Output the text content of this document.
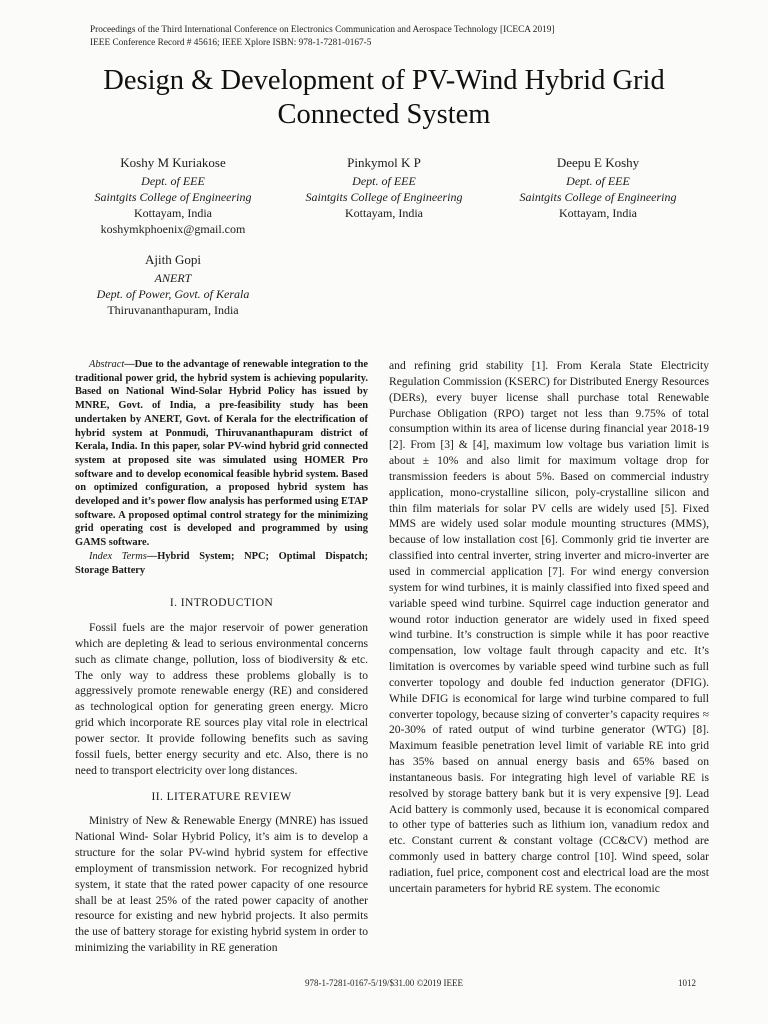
Proceedings of the Third International Conference on Electronics Communication and Aerospace Technology [ICECA 2019]
IEEE Conference Record # 45616; IEEE Xplore ISBN: 978-1-7281-0167-5
Design & Development of PV-Wind Hybrid Grid
Connected System
Koshy M Kuriakose
Dept. of EEE
Saintgits College of Engineering
Kottayam, India
koshymkphoenix@gmail.com
Pinkymol K P
Dept. of EEE
Saintgits College of Engineering
Kottayam, India
Deepu E Koshy
Dept. of EEE
Saintgits College of Engineering
Kottayam, India
Ajith Gopi
ANERT
Dept. of Power, Govt. of Kerala
Thiruvananthapuram, India

Abstract—Due to the advantage of renewable integration to the traditional power grid, the hybrid system is achieving popularity. Based on National Wind-Solar Hybrid Policy has issued by MNRE, Govt. of India, a pre-feasibility study has been undertaken by ANERT, Govt. of Kerala for the electrification of hybrid system at Ponmudi, Thiruvananthapuram district of Kerala, India. In this paper, solar PV-wind hybrid grid connected system at proposed site was simulated using HOMER Pro software and to develop economical feasible hybrid system. Based on optimized configuration, a proposed hybrid system has developed and it’s power flow analysis has performed using ETAP software. A proposed optimal control strategy for the minimizing grid operating cost is developed and programmed by using GAMS software.

Index Terms—Hybrid System; NPC; Optimal Dispatch; Storage Battery

I. INTRODUCTION

Fossil fuels are the major reservoir of power generation which are depleting & lead to serious environmental concerns such as climate change, pollution, loss of biodiversity & etc. The only way to address these problems globally is to aggressively promote renewable energy (RE) and considered as technological option for generating green energy. Micro grid which incorporate RE sources play vital role in electrical power sector. It provide following benefits such as saving fossil fuels, better energy security and etc. Also, there is no need to transport electricity over long distances.

II. LITERATURE REVIEW

Ministry of New & Renewable Energy (MNRE) has issued National Wind- Solar Hybrid Policy, it’s aim is to develop a structure for the solar PV-wind hybrid system for effective employment of transmission network. For recognized hybrid system, it state that the rated power capacity of one resource shall be at least 25% of the rated power capacity of another resource for existing and new hybrid projects. It also permits the use of battery storage for existing hybrid system in order to minimizing the variability in RE generation

and refining grid stability [1]. From Kerala State Electricity Regulation Commission (KSERC) for Distributed Energy Resources (DERs), every buyer license shall purchase total Renewable Purchase Obligation (RPO) target not less than 9.75% of total consumption within its area of license during financial year 2018-19 [2]. From [3] & [4], maximum low voltage bus variation limit is about ± 10% and also limit for maximum voltage drop for transmission feeders is about 5%. Based on commercial industry application, mono-crystalline silicon, poly-crystalline silicon and thin film materials for solar PV cells are widely used [5]. Fixed MMS are widely used solar module mounting structures (MMS), because of low installation cost [6]. Commonly grid tie inverter are classified into central inverter, string inverter and micro-inverter are used in commercial application [7]. For wind energy conversion system for wind turbines, it is mainly classified into fixed speed and variable speed wind turbine. Squirrel cage induction generator and wound rotor induction generator are widely used in fixed speed wind turbine. It’s construction is simple while it has poor reactive compensation, low voltage fault through capacity and etc. It’s limitation is overcomes by variable speed wind turbine such as full converter topology and double fed induction generator (DFIG). While DFIG is economical for large wind turbine compared to full converter topology, because sizing of converter’s capacity requires ≈ 20-30% of rated output of wind turbine generator (WTG) [8]. Maximum feasible penetration level limit of variable RE into grid has 35% based on annual energy basis and 65% based on instantaneous basis. For integrating high level of variable RE is resolved by storage battery bank but it is very expensive [9]. Lead Acid battery is commonly used, because it is economical compared to other type of batteries such as lithium ion, vanadium redox and etc. Constant current & constant voltage (CC&CV) method are commonly used in battery charge control [10]. Wind speed, solar radiation, fuel price, component cost and electrical load are the most uncertain parameters for hybrid RE system. The economic

978-1-7281-0167-5/19/$31.00 ©2019 IEEE	1012
